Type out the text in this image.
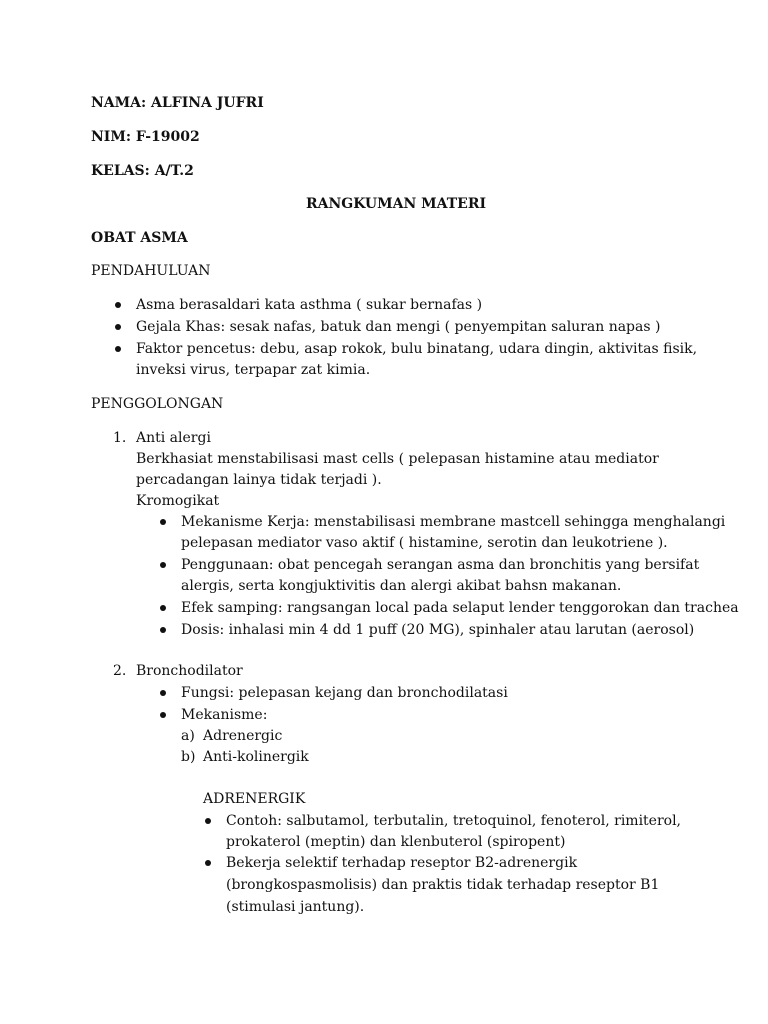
NAMA: ALFINA JUFRI
NIM: F-19002
KELAS: A/T.2
RANGKUMAN MATERI
OBAT ASMA
PENDAHULUAN
Asma berasaldari kata asthma ( sukar bernafas )
Gejala Khas: sesak nafas, batuk dan mengi ( penyempitan saluran napas )
Faktor pencetus: debu, asap rokok, bulu binatang, udara dingin, aktivitas fisik,
inveksi virus, terpapar zat kimia.
PENGGOLONGAN
1. Anti alergi
Berkhasiat menstabilisasi mast cells ( pelepasan histamine atau mediator
percadangan lainya tidak terjadi ).
Kromogikat
Mekanisme Kerja: menstabilisasi membrane mastcell sehingga menghalangi
pelepasan mediator vaso aktif ( histamine, serotin dan leukotriene ).
Penggunaan: obat pencegah serangan asma dan bronchitis yang bersifat
alergis, serta kongjuktivitis dan alergi akibat bahsn makanan.
Efek samping: rangsangan local pada selaput lender tenggorokan dan trachea
Dosis: inhalasi min 4 dd 1 puff (20 MG), spinhaler atau larutan (aerosol)
2. Bronchodilator
Fungsi: pelepasan kejang dan bronchodilatasi
Mekanisme:
a) Adrenergic
b) Anti-kolinergik
ADRENERGIK
Contoh: salbutamol, terbutalin, tretoquinol, fenoterol, rimiterol,
prokaterol (meptin) dan klenbuterol (spiropent)
Bekerja selektif terhadap reseptor B2-adrenergik
(brongkospasmolisis) dan praktis tidak terhadap reseptor B1
(stimulasi jantung).
